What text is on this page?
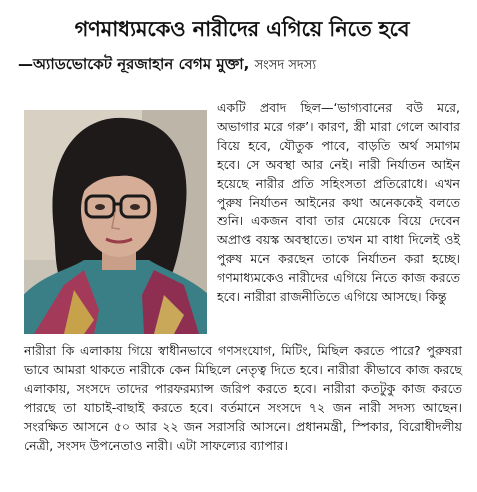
গণমাধ্যমকেও নারীদের এগিয়ে নিতে হবে
—অ্যাডভোকেট নূরজাহান বেগম মুক্তা, সংসদ সদস্য
একটি প্রবাদ ছিল—‘ভাগ্যবানের বউ মরে, অভাগার মরে গরু’। কারণ, স্ত্রী মারা গেলে আবার বিয়ে হবে, যৌতুক পাবে, বাড়তি অর্থ সমাগম হবে। সে অবস্থা আর নেই। নারী নির্যাতন আইন হয়েছে নারীর প্রতি সহিংসতা প্রতিরোধে। এখন পুরুষ নির্যাতন আইনের কথা অনেককেই বলতে শুনি। একজন বাবা তার মেয়েকে বিয়ে দেবেন অপ্রাপ্ত বয়স্ক অবস্থাতে। তখন মা বাধা দিলেই ওই পুরুষ মনে করছেন তাকে নির্যাতন করা হচ্ছে। গণমাধ্যমকেও নারীদের এগিয়ে নিতে কাজ করতে হবে। নারীরা রাজনীতিতে এগিয়ে আসছে। কিন্তু
নারীরা কি এলাকায় গিয়ে স্বাধীনভাবে গণসংযোগ, মিটিং, মিছিল করতে পারে? পুরুষরা ভাবে আমরা থাকতে নারীকে কেন মিছিলে নেতৃত্ব দিতে হবে। নারীরা কীভাবে কাজ করছে এলাকায়, সংসদে তাদের পারফরম্যান্স জরিপ করতে হবে। নারীরা কতটুকু কাজ করতে পারছে তা যাচাই-বাছাই করতে হবে। বর্তমানে সংসদে ৭২ জন নারী সদস্য আছেন। সংরক্ষিত আসনে ৫০ আর ২২ জন সরাসরি আসনে। প্রধানমন্ত্রী, স্পিকার, বিরোধীদলীয় নেত্রী, সংসদ উপনেতাও নারী। এটা সাফল্যের ব্যাপার।
